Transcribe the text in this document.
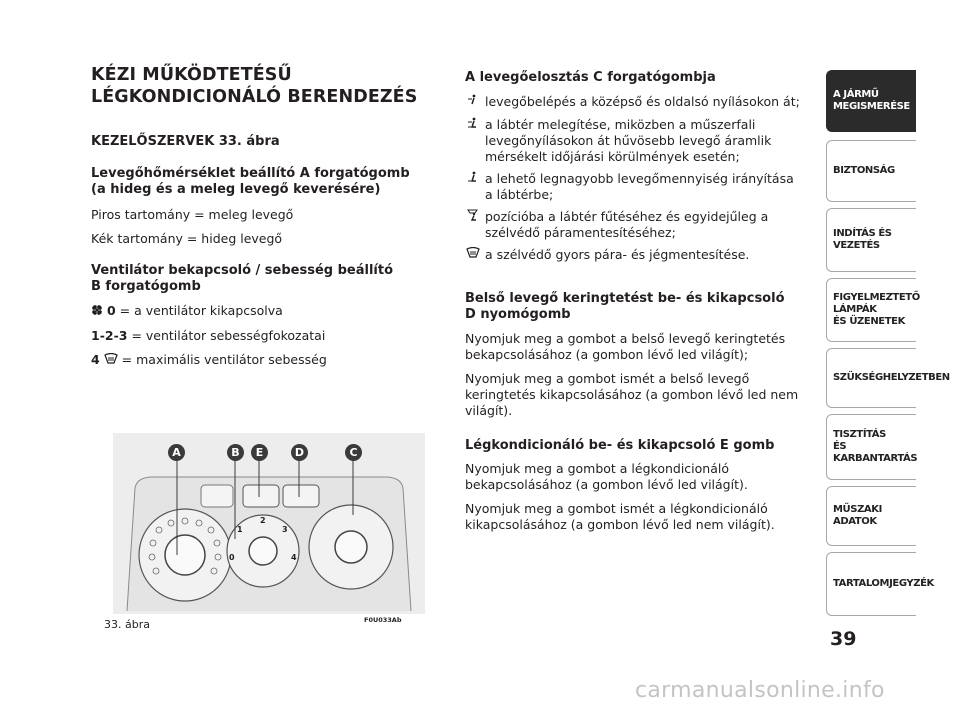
KÉZI MŰKÖDTETÉSŰ
LÉGKONDICIONÁLÓ BERENDEZÉS
KEZELŐSZERVEK 33. ábra
Levegőhőmérséklet beállító A forgatógomb
(a hideg és a meleg levegő keverésére)
Piros tartomány = meleg levegő
Kék tartomány = hideg levegő
Ventilátor bekapcsoló / sebesség beállító
B forgatógomb
0 = a ventilátor kikapcsolva
1-2-3 = ventilátor sebességfokozatai
4 = maximális ventilátor sebesség
A levegőelosztás C forgatógombja
levegőbelépés a középső és oldalsó nyílásokon át;
a lábtér melegítése, miközben a műszerfali levegőnyílásokon át hűvösebb levegő áramlik mérsékelt időjárási körülmények esetén;
a lehető legnagyobb levegőmennyiség irányítása a lábtérbe;
pozícióba a lábtér fűtéséhez és egyidejűleg a szélvédő páramentesítéséhez;
a szélvédő gyors pára- és jégmentesítése.
Belső levegő keringtetést be- és kikapcsoló
D nyomógomb
Nyomjuk meg a gombot a belső levegő keringtetés bekapcsolásához (a gombon lévő led világít);
Nyomjuk meg a gombot ismét a belső levegő keringtetés kikapcsolásához (a gombon lévő led nem világít).
Légkondicionáló be- és kikapcsoló E gomb
Nyomjuk meg a gombot a légkondicionáló bekapcsolásához (a gombon lévő led világít).
Nyomjuk meg a gombot ismét a légkondicionáló kikapcsolásához (a gombon lévő led nem világít).
A	B	E	D	C
0
1
2
3
4
33. ábra	F0U033Ab
A JÁRMŰ
MEGISMERÉSE
BIZTONSÁG
INDÍTÁS ÉS VEZETÉS
FIGYELMEZTETŐ
LÁMPÁK
ÉS ÜZENETEK
SZÜKSÉGHELYZETBEN
TISZTÍTÁS
ÉS KARBANTARTÁS
MŰSZAKI ADATOK
TARTALOMJEGYZÉK
39
carmanualsonline.info
